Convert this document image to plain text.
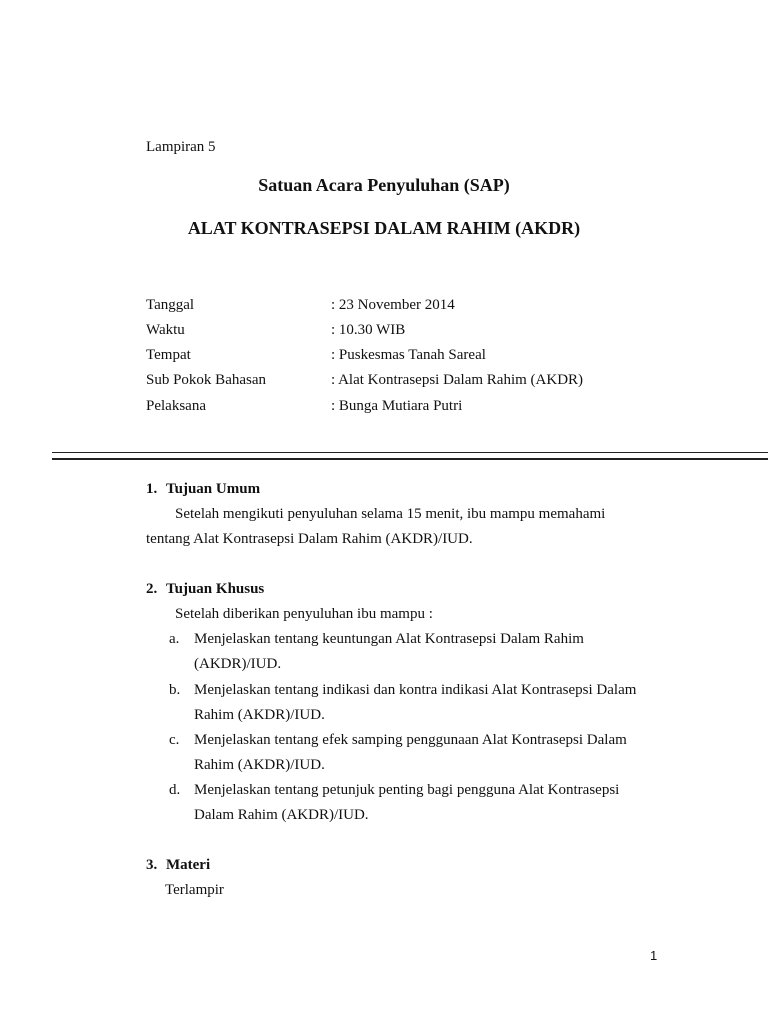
Lampiran 5
Satuan Acara Penyuluhan (SAP)
ALAT KONTRASEPSI DALAM RAHIM (AKDR)
Tanggal	: 23 November 2014
Waktu	: 10.30 WIB
Tempat	: Puskesmas Tanah Sareal
Sub Pokok Bahasan	: Alat Kontrasepsi Dalam Rahim (AKDR)
Pelaksana	: Bunga Mutiara Putri
1. Tujuan Umum
Setelah mengikuti penyuluhan selama 15 menit, ibu mampu memahami
tentang Alat Kontrasepsi Dalam Rahim (AKDR)/IUD.
2. Tujuan Khusus
Setelah diberikan penyuluhan ibu mampu :
a. Menjelaskan tentang keuntungan Alat Kontrasepsi Dalam Rahim
(AKDR)/IUD.
b. Menjelaskan tentang indikasi dan kontra indikasi Alat Kontrasepsi Dalam
Rahim (AKDR)/IUD.
c. Menjelaskan tentang efek samping penggunaan Alat Kontrasepsi Dalam
Rahim (AKDR)/IUD.
d. Menjelaskan tentang petunjuk penting bagi pengguna Alat Kontrasepsi
Dalam Rahim (AKDR)/IUD.
3. Materi
Terlampir
1
